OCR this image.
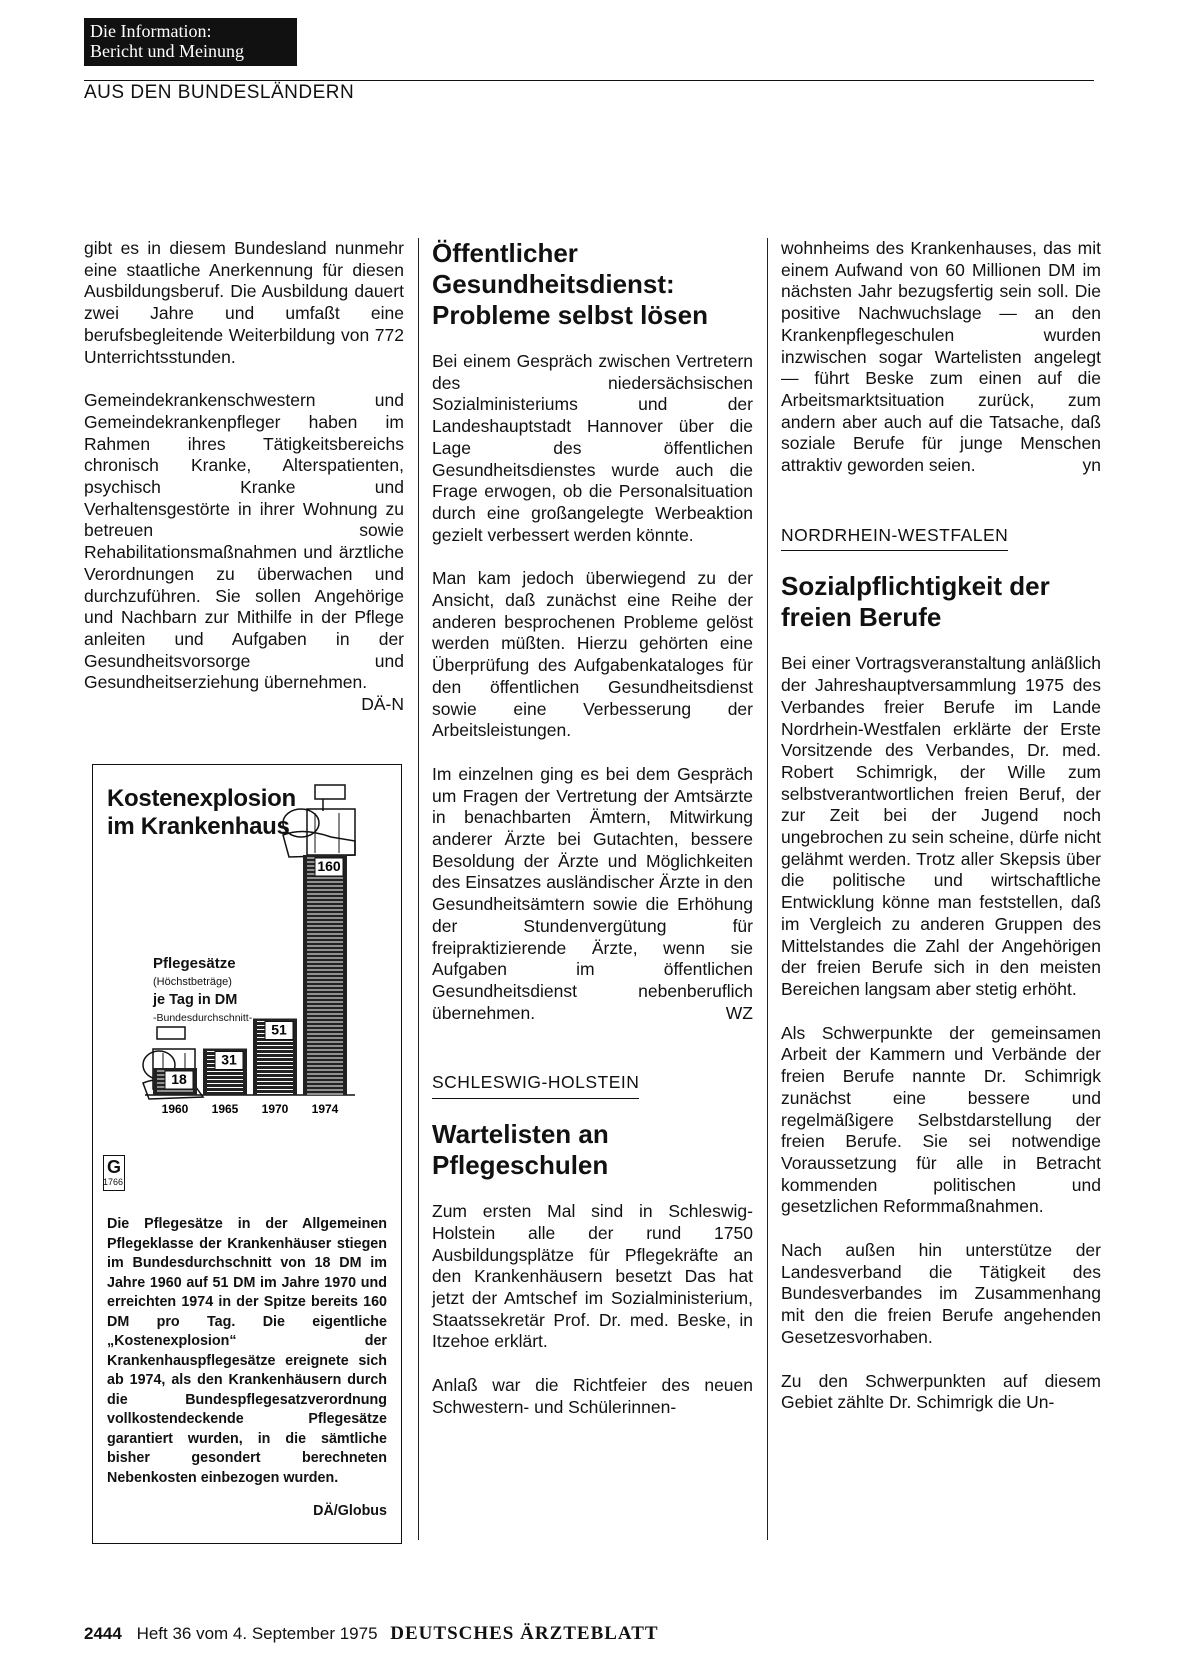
Die Information:
Bericht und Meinung
AUS DEN BUNDESLÄNDERN

gibt es in diesem Bundesland nunmehr eine staatliche Anerkennung für diesen Ausbildungsberuf. Die Ausbildung dauert zwei Jahre und umfaßt eine berufsbegleitende Weiterbildung von 772 Unterrichtsstunden.

Gemeindekrankenschwestern und Gemeindekrankenpfleger haben im Rahmen ihres Tätigkeitsbereichs chronisch Kranke, Alterspatienten, psychisch Kranke und Verhaltensgestörte in ihrer Wohnung zu betreuen sowie Rehabilitationsmaßnahmen und ärztliche Verordnungen zu überwachen und durchzuführen. Sie sollen Angehörige und Nachbarn zur Mithilfe in der Pflege anleiten und Aufgaben in der Gesundheitsvorsorge und Gesundheitserziehung übernehmen.
DÄ-N

Kostenexplosion
im Krankenhaus
18
1960
31
1965
51
1970
160
1974
Pflegesätze
(Höchstbeträge)
je Tag in DM
-Bundesdurchschnitt-
G
1766
Die Pflegesätze in der Allgemeinen Pflegeklasse der Krankenhäuser stiegen im Bundesdurchschnitt von 18 DM im Jahre 1960 auf 51 DM im Jahre 1970 und erreichten 1974 in der Spitze bereits 160 DM pro Tag. Die eigentliche „Kostenexplosion“ der Krankenhauspflegesätze ereignete sich ab 1974, als den Krankenhäusern durch die Bundespflegesatzverordnung vollkostendeckende Pflegesätze garantiert wurden, in die sämtliche bisher gesondert berechneten Nebenkosten einbezogen wurden.
DÄ/Globus
Öffentlicher Gesundheitsdienst: Probleme selbst lösen

Bei einem Gespräch zwischen Vertretern des niedersächsischen Sozialministeriums und der Landeshauptstadt Hannover über die Lage des öffentlichen Gesundheitsdienstes wurde auch die Frage erwogen, ob die Personalsituation durch eine großangelegte Werbeaktion gezielt verbessert werden könnte.

Man kam jedoch überwiegend zu der Ansicht, daß zunächst eine Reihe der anderen besprochenen Probleme gelöst werden müßten. Hierzu gehörten eine Überprüfung des Aufgabenkataloges für den öffentlichen Gesundheitsdienst sowie eine Verbesserung der Arbeitsleistungen.

Im einzelnen ging es bei dem Gespräch um Fragen der Vertretung der Amtsärzte in benachbarten Ämtern, Mitwirkung anderer Ärzte bei Gutachten, bessere Besoldung der Ärzte und Möglichkeiten des Einsatzes ausländischer Ärzte in den Gesundheitsämtern sowie die Erhöhung der Stundenvergütung für freipraktizierende Ärzte, wenn sie Aufgaben im öffentlichen Gesundheitsdienst nebenberuflich übernehmen.	WZ

SCHLESWIG-HOLSTEIN
Wartelisten an Pflegeschulen

Zum ersten Mal sind in Schleswig-Holstein alle der rund 1750 Ausbildungsplätze für Pflegekräfte an den Krankenhäusern besetzt Das hat jetzt der Amtschef im Sozialministerium, Staatssekretär Prof. Dr. med. Beske, in Itzehoe erklärt.

Anlaß war die Richtfeier des neuen Schwestern- und Schülerinnen-

wohnheims des Krankenhauses, das mit einem Aufwand von 60 Millionen DM im nächsten Jahr bezugsfertig sein soll. Die positive Nachwuchslage — an den Krankenpflegeschulen wurden inzwischen sogar Wartelisten angelegt — führt Beske zum einen auf die Arbeitsmarktsituation zurück, zum andern aber auch auf die Tatsache, daß soziale Berufe für junge Menschen attraktiv geworden seien.	yn

NORDRHEIN-WESTFALEN
Sozialpflichtigkeit der freien Berufe

Bei einer Vortragsveranstaltung anläßlich der Jahreshauptversammlung 1975 des Verbandes freier Berufe im Lande Nordrhein-Westfalen erklärte der Erste Vorsitzende des Verbandes, Dr. med. Robert Schimrigk, der Wille zum selbstverantwortlichen freien Beruf, der zur Zeit bei der Jugend noch ungebrochen zu sein scheine, dürfe nicht gelähmt werden. Trotz aller Skepsis über die politische und wirtschaftliche Entwicklung könne man feststellen, daß im Vergleich zu anderen Gruppen des Mittelstandes die Zahl der Angehörigen der freien Berufe sich in den meisten Bereichen langsam aber stetig erhöht.

Als Schwerpunkte der gemeinsamen Arbeit der Kammern und Verbände der freien Berufe nannte Dr. Schimrigk zunächst eine bessere und regelmäßigere Selbstdarstellung der freien Berufe. Sie sei notwendige Voraussetzung für alle in Betracht kommenden politischen und gesetzlichen Reformmaßnahmen.

Nach außen hin unterstütze der Landesverband die Tätigkeit des Bundesverbandes im Zusammenhang mit den die freien Berufe angehenden Gesetzesvorhaben.

Zu den Schwerpunkten auf diesem Gebiet zählte Dr. Schimrigk die Un-

2444 Heft 36 vom 4. September 1975 DEUTSCHES ÄRZTEBLATT
